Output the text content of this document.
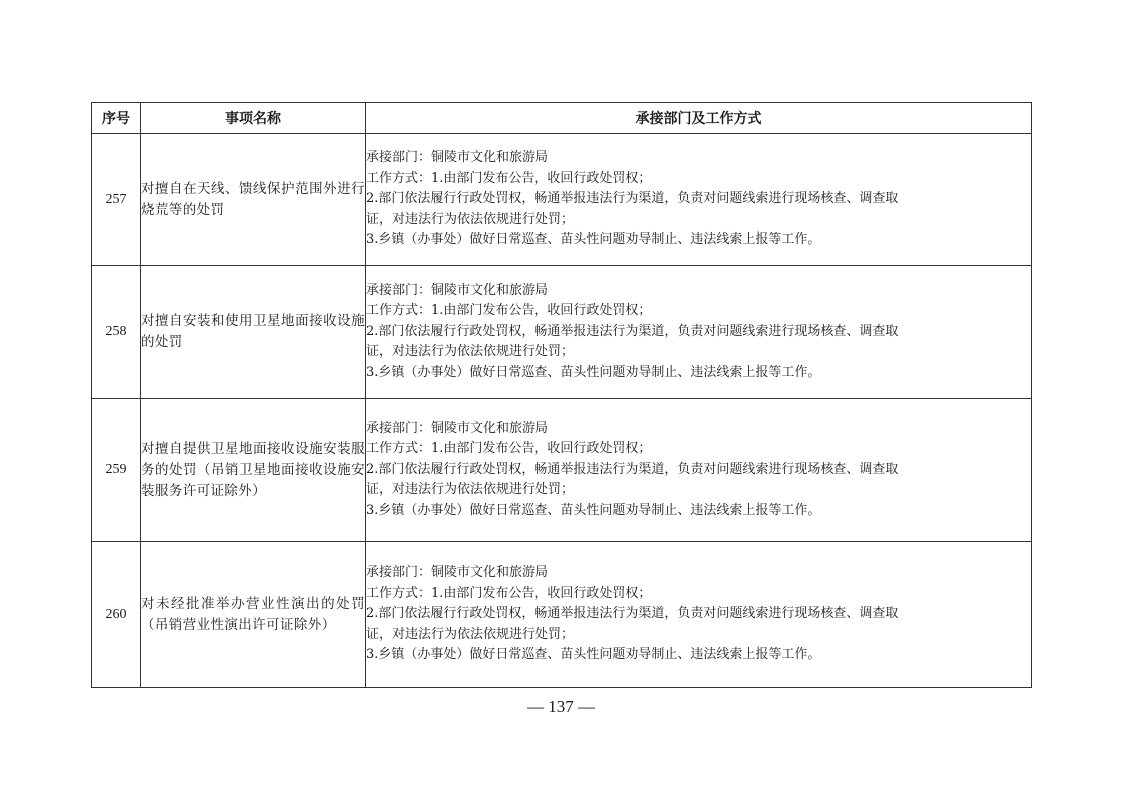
序号	事项名称	承接部门及工作方式
257	对擅自在天线、馈线保护范围外进行烧荒等的处罚	承接部门：铜陵市文化和旅游局
工作方式：1.由部门发布公告，收回行政处罚权；
2.部门依法履行行政处罚权，畅通举报违法行为渠道，负责对问题线索进行现场核查、调查取
证，对违法行为依法依规进行处罚；
3.乡镇（办事处）做好日常巡查、苗头性问题劝导制止、违法线索上报等工作。

258	对擅自安装和使用卫星地面接收设施的处罚	承接部门：铜陵市文化和旅游局
工作方式：1.由部门发布公告，收回行政处罚权；
2.部门依法履行行政处罚权，畅通举报违法行为渠道，负责对问题线索进行现场核查、调查取
证，对违法行为依法依规进行处罚；
3.乡镇（办事处）做好日常巡查、苗头性问题劝导制止、违法线索上报等工作。

259	对擅自提供卫星地面接收设施安装服务的处罚（吊销卫星地面接收设施安装服务许可证除外）	承接部门：铜陵市文化和旅游局
工作方式：1.由部门发布公告，收回行政处罚权；
2.部门依法履行行政处罚权，畅通举报违法行为渠道，负责对问题线索进行现场核查、调查取
证，对违法行为依法依规进行处罚；
3.乡镇（办事处）做好日常巡查、苗头性问题劝导制止、违法线索上报等工作。

260	对未经批准举办营业性演出的处罚（吊销营业性演出许可证除外）	承接部门：铜陵市文化和旅游局
工作方式：1.由部门发布公告，收回行政处罚权；
2.部门依法履行行政处罚权，畅通举报违法行为渠道，负责对问题线索进行现场核查、调查取
证，对违法行为依法依规进行处罚；
3.乡镇（办事处）做好日常巡查、苗头性问题劝导制止、违法线索上报等工作。
— 137 —
